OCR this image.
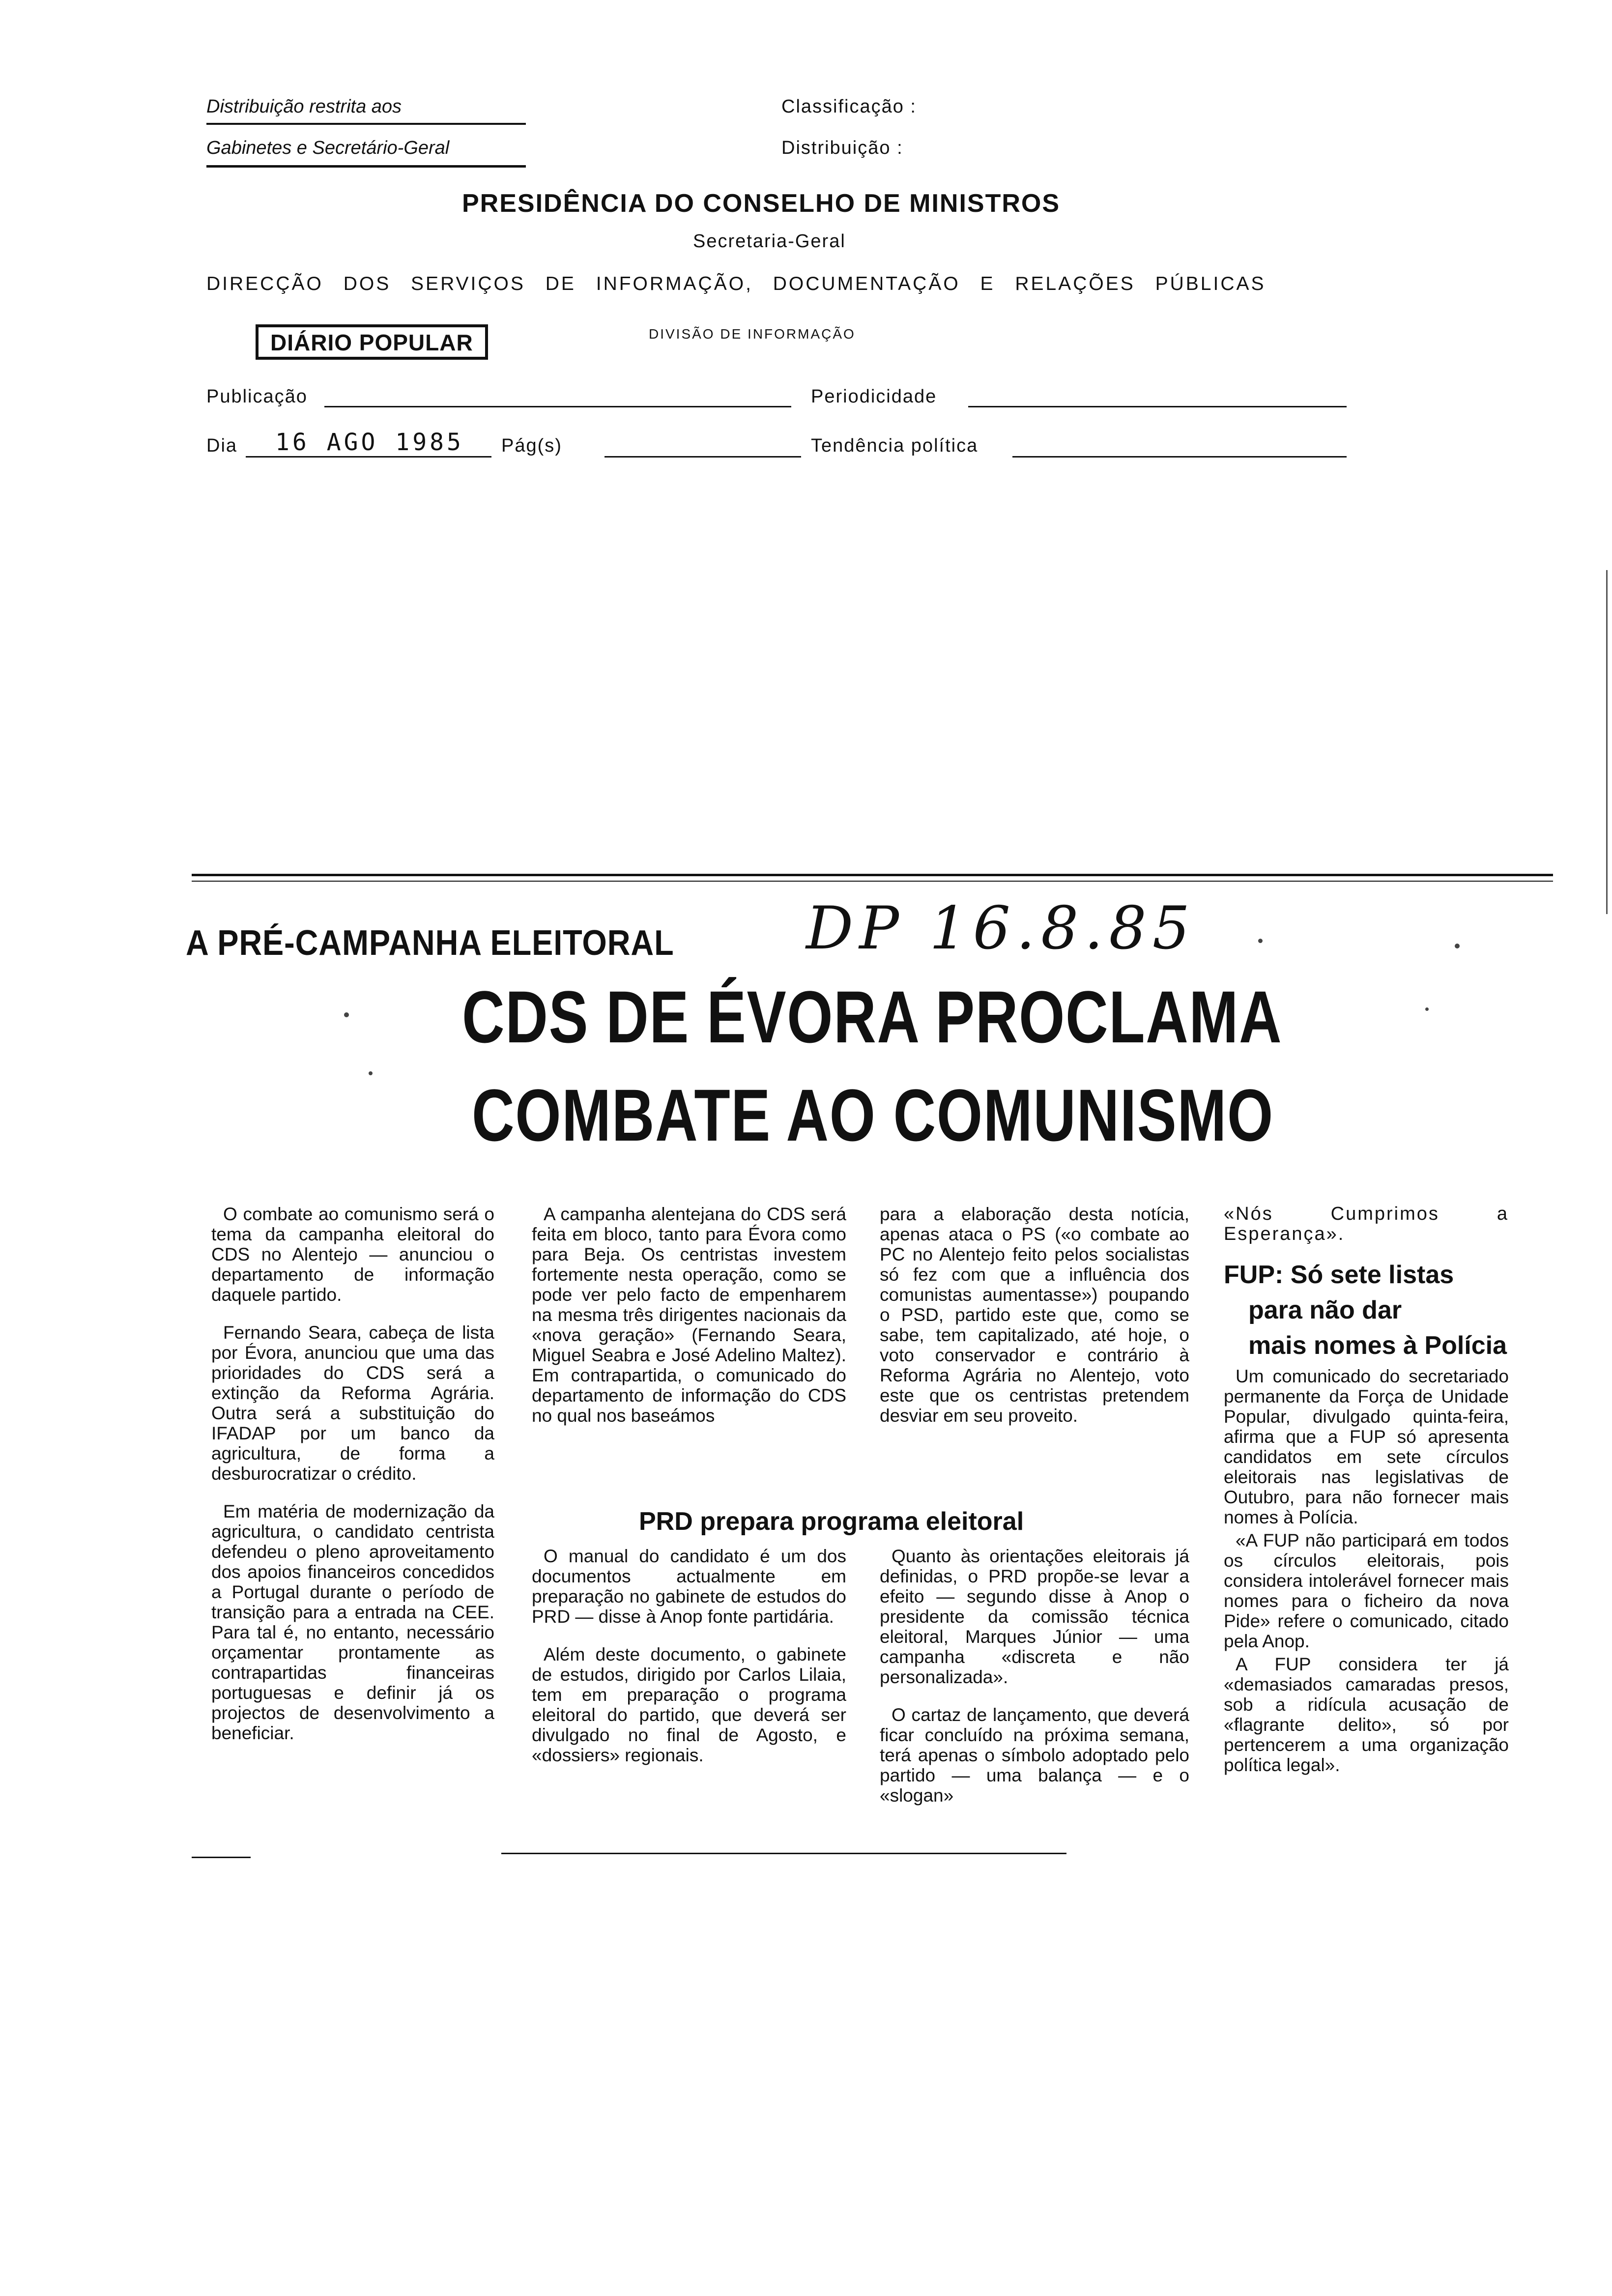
Distribuição restrita aos
Gabinetes e Secretário-Geral
Classificação :
Distribuição :
PRESIDÊNCIA DO CONSELHO DE MINISTROS
Secretaria-Geral
DIRECÇÃO DOS SERVIÇOS DE INFORMAÇÃO, DOCUMENTAÇÃO E RELAÇÕES PÚBLICAS
DIÁRIO POPULAR	DIVISÃO DE INFORMAÇÃO
Publicação	Periodicidade
Dia 16 AGO 1985 Pág(s)	Tendência política
A PRÉ-CAMPANHA ELEITORAL DP 16.8.85
CDS DE ÉVORA PROCLAMA
COMBATE AO COMUNISMO

O combate ao comunismo será o tema da campanha eleitoral do CDS no Alentejo — anunciou o departamento de informação daquele partido.

Fernando Seara, cabeça de lista por Évora, anunciou que uma das prioridades do CDS será a extinção da Reforma Agrária. Outra será a substituição do IFADAP por um banco da agricultura, de forma a desburocratizar o crédito.

Em matéria de modernização da agricultura, o candidato centrista defendeu o pleno aproveitamento dos apoios financeiros concedidos a Portugal durante o período de transição para a entrada na CEE. Para tal é, no entanto, necessário orçamentar prontamente as contrapartidas financeiras portuguesas e definir já os projectos de desenvolvimento a beneficiar.

A campanha alentejana do CDS será feita em bloco, tanto para Évora como para Beja. Os centristas investem fortemente nesta operação, como se pode ver pelo facto de empenharem na mesma três dirigentes nacionais da «nova geração» (Fernando Seara, Miguel Seabra e José Adelino Maltez). Em contrapartida, o comunicado do departamento de informação do CDS no qual nos baseámos

para a elaboração desta notícia, apenas ataca o PS («o combate ao PC no Alentejo feito pelos socialistas só fez com que a influência dos comunistas aumentasse») poupando o PSD, partido este que, como se sabe, tem capitalizado, até hoje, o voto conservador e contrário à Reforma Agrária no Alentejo, voto este que os centristas pretendem desviar em seu proveito.

PRD prepara programa eleitoral

O manual do candidato é um dos documentos actualmente em preparação no gabinete de estudos do PRD — disse à Anop fonte partidária.

Além deste documento, o gabinete de estudos, dirigido por Carlos Lilaia, tem em preparação o programa eleitoral do partido, que deverá ser divulgado no final de Agosto, e «dossiers» regionais.

Quanto às orientações eleitorais já definidas, o PRD propõe-se levar a efeito — segundo disse à Anop o presidente da comissão técnica eleitoral, Marques Júnior — uma campanha «discreta e não personalizada».

O cartaz de lançamento, que deverá ficar concluído na próxima semana, terá apenas o símbolo adoptado pelo partido — uma balança — e o «slogan»

«Nós Cumprimos a Esperança».
FUP: Só sete listas
para não dar
mais nomes à Polícia

Um comunicado do secretariado permanente da Força de Unidade Popular, divulgado quinta-feira, afirma que a FUP só apresenta candidatos em sete círculos eleitorais nas legislativas de Outubro, para não fornecer mais nomes à Polícia.

«A FUP não participará em todos os círculos eleitorais, pois considera intolerável fornecer mais nomes para o ficheiro da nova Pide» refere o comunicado, citado pela Anop.

A FUP considera ter já «demasiados camaradas presos, sob a ridícula acusação de «flagrante delito», só por pertencerem a uma organização política legal».
